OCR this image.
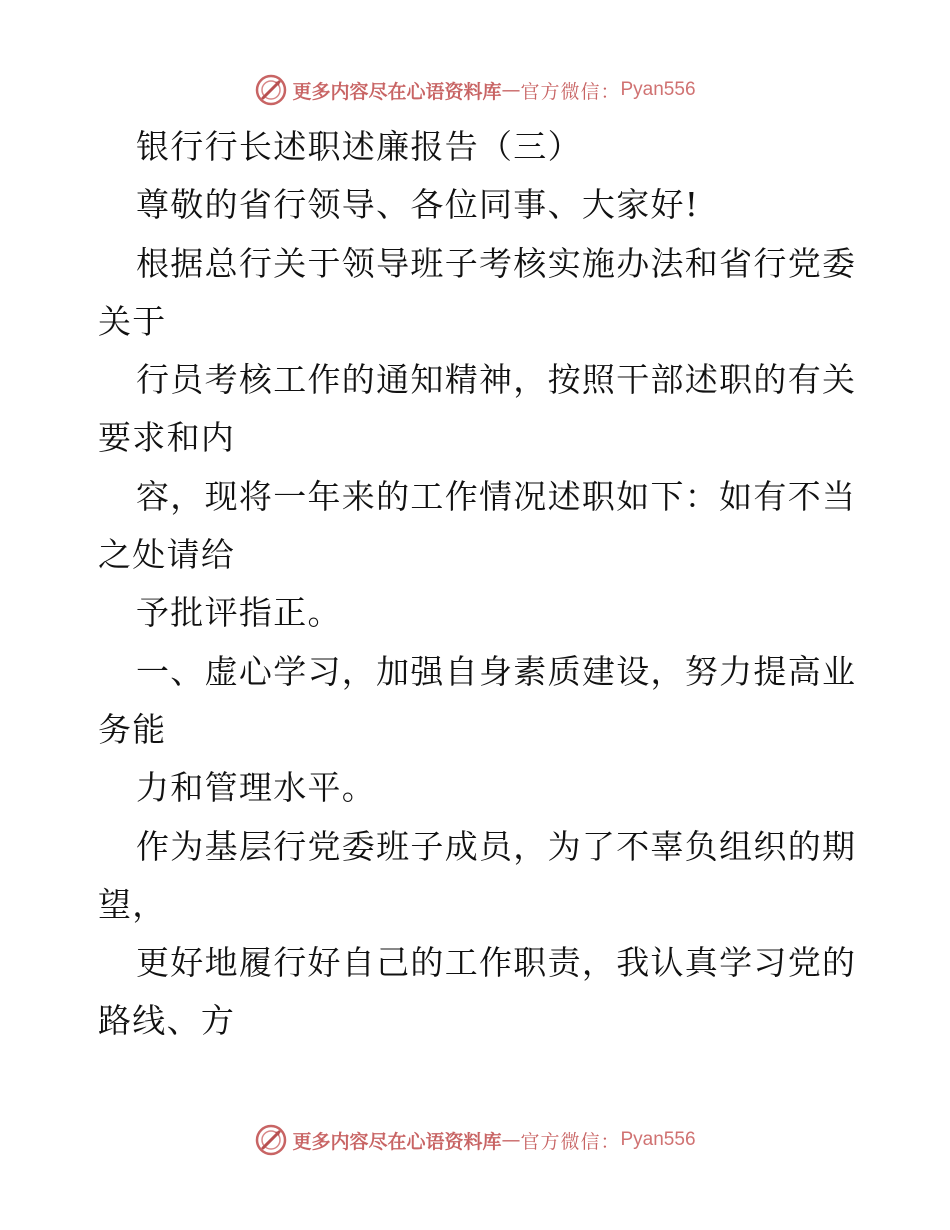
更多内容尽在心语资料库 — 官方微信： Pyan556
银行行长述职述廉报告（三）
尊敬的省行领导、各位同事、大家好!
根据总行关于领导班子考核实施办法和省行党委
关于
行员考核工作的通知精神，按照干部述职的有关
要求和内
容，现将一年来的工作情况述职如下：如有不当
之处请给
予批评指正。
一、虚心学习，加强自身素质建设，努力提高业
务能
力和管理水平。
作为基层行党委班子成员，为了不辜负组织的期
望，
更好地履行好自己的工作职责，我认真学习党的
路线、方
更多内容尽在心语资料库 — 官方微信： Pyan556
